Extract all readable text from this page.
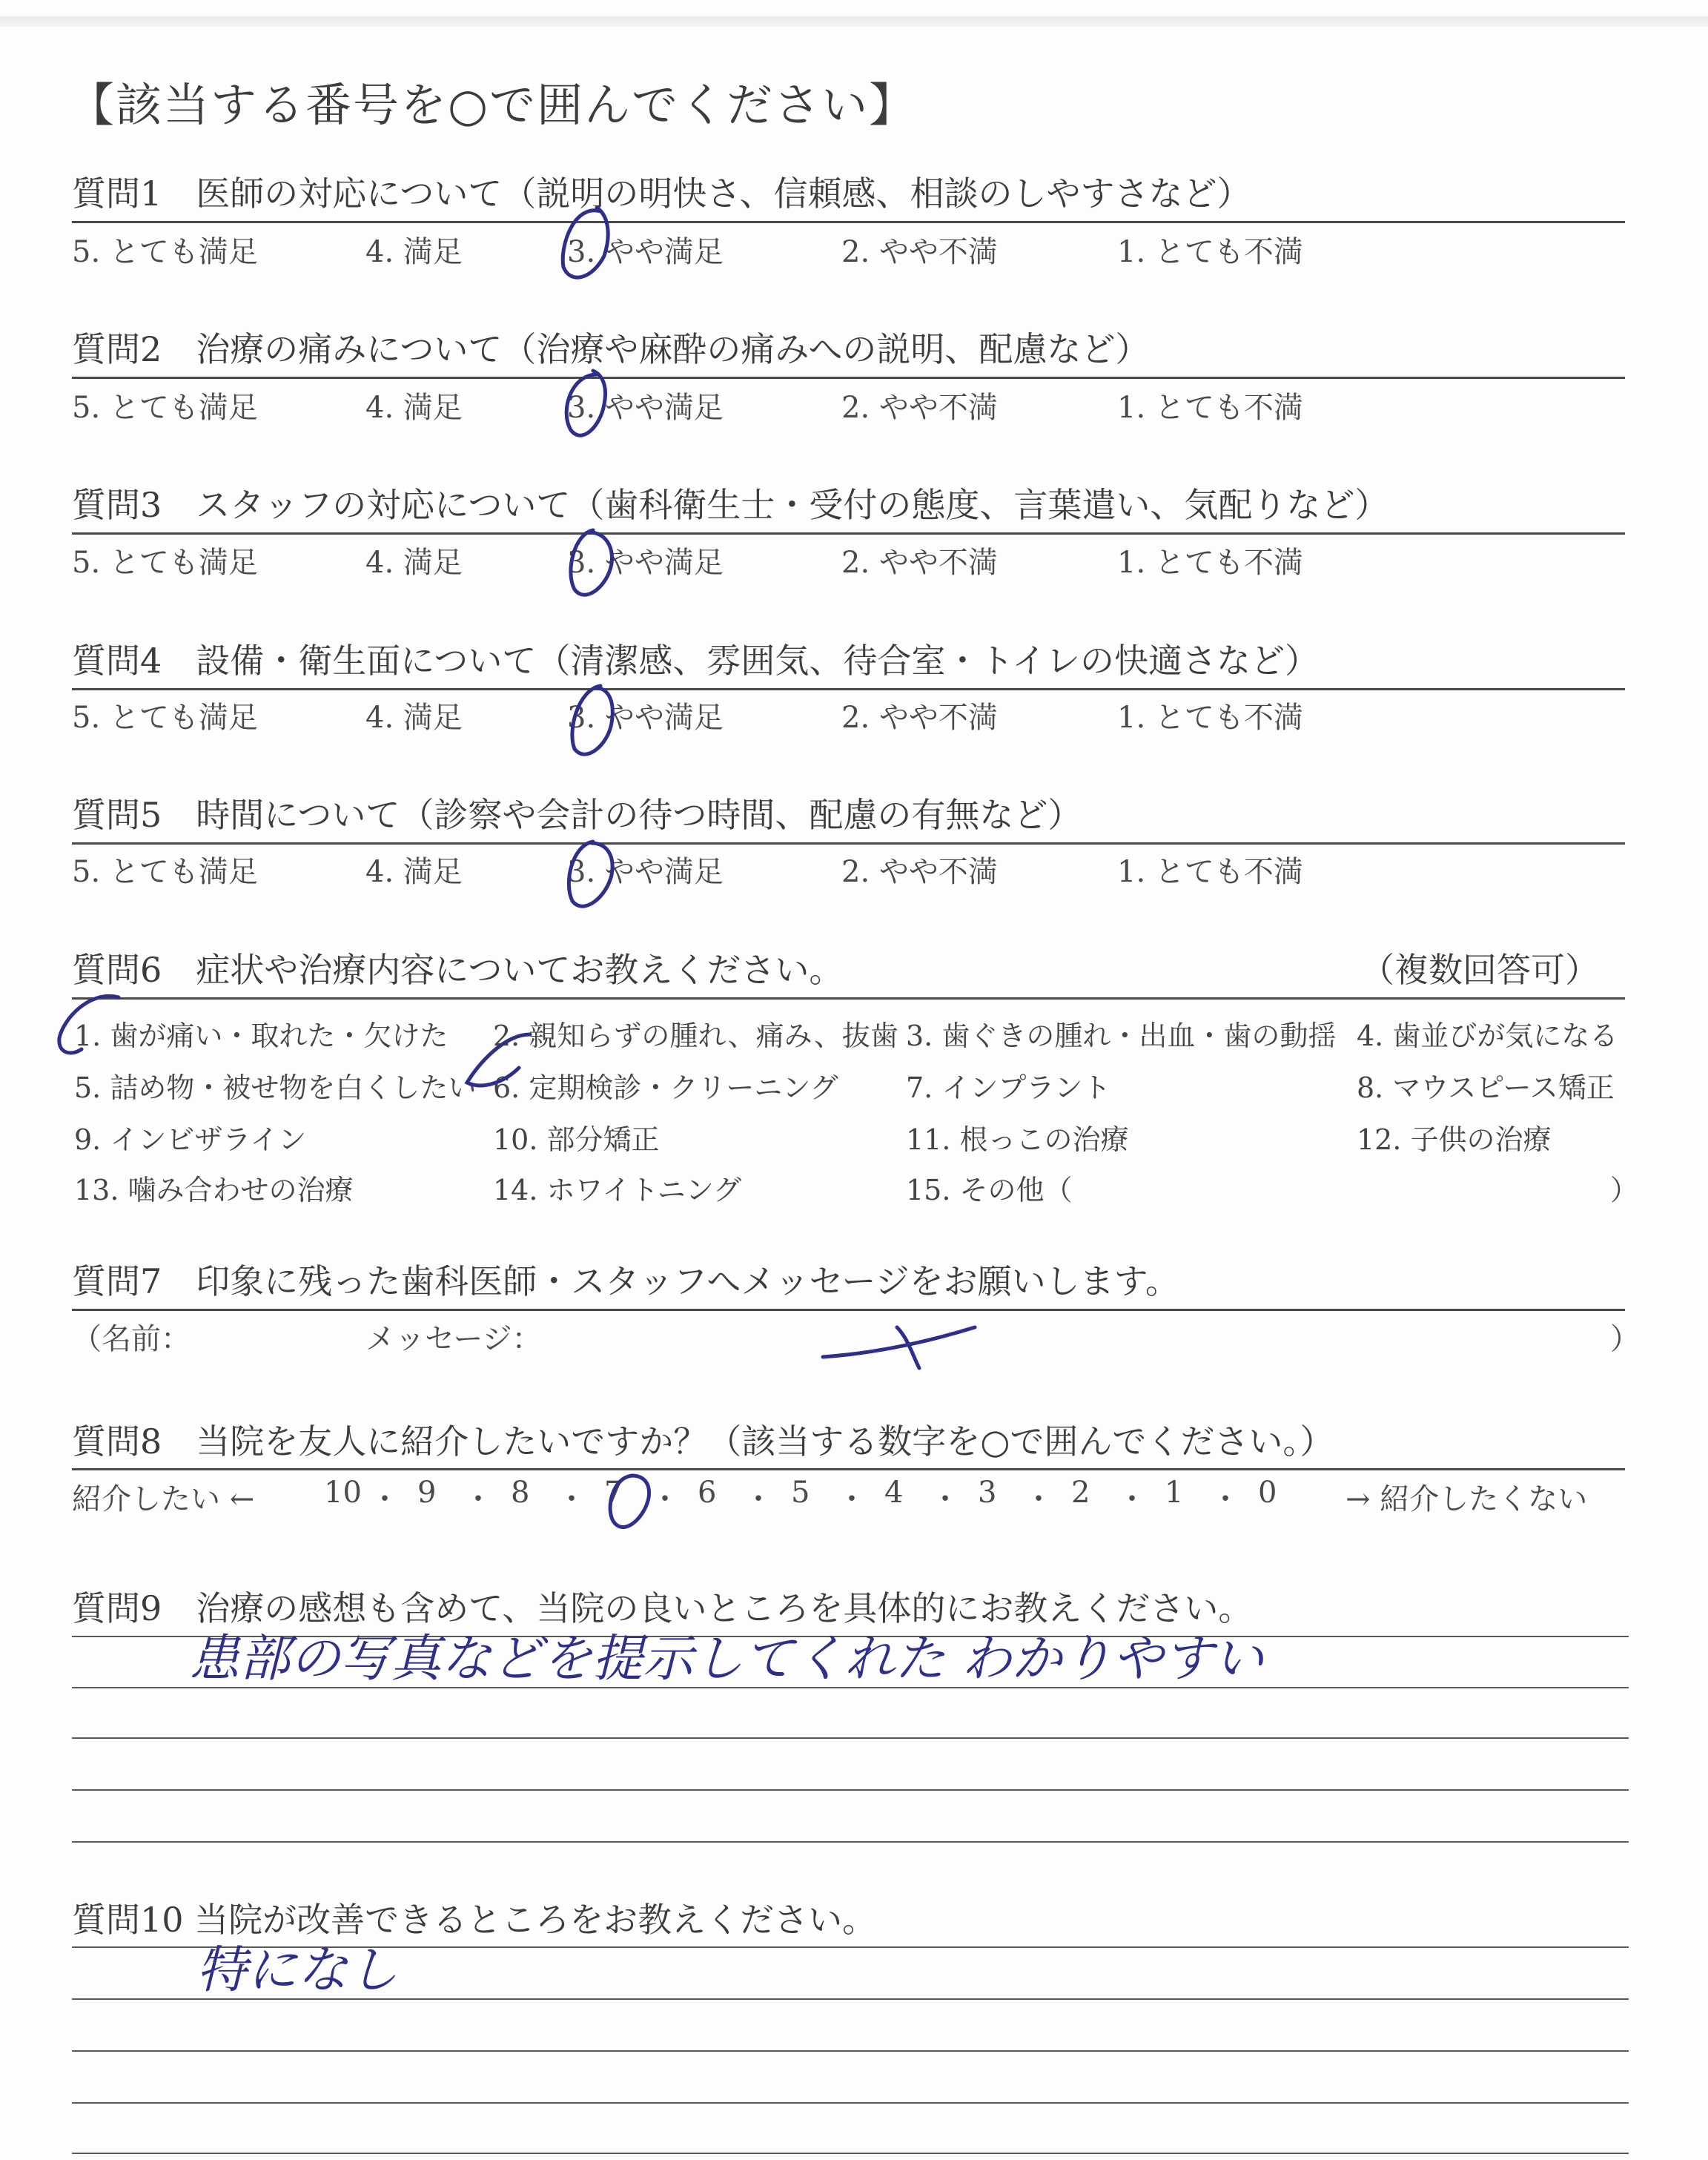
【該当する番号を○で囲んでください】
質問1　医師の対応について（説明の明快さ、信頼感、相談のしやすさなど）
質問2　治療の痛みについて（治療や麻酔の痛みへの説明、配慮など）
質問3　スタッフの対応について（歯科衛生士・受付の態度、言葉遣い、気配りなど）
質問4　設備・衛生面について（清潔感、雰囲気、待合室・トイレの快適さなど）
質問5　時間について（診察や会計の待つ時間、配慮の有無など）
5. とても満足	4. 満足	3. やや満足	2. やや不満	1. とても不満
5. とても満足	4. 満足	3. やや満足	2. やや不満	1. とても不満
5. とても満足	4. 満足	3. やや満足	2. やや不満	1. とても不満
5. とても満足	4. 満足	3. やや満足	2. やや不満	1. とても不満
5. とても満足	4. 満足	3. やや満足	2. やや不満	1. とても不満
質問6　症状や治療内容についてお教えください。	（複数回答可）
1. 歯が痛い・取れた・欠けた 2. 親知らずの腫れ、痛み、抜歯 3. 歯ぐきの腫れ・出血・歯の動揺 4. 歯並びが気になる
5. 詰め物・被せ物を白くしたい 6. 定期検診・クリーニング 7. インプラント	8. マウスピース矯正
9. インビザライン	10. 部分矯正	11. 根っこの治療	12. 子供の治療
13. 噛み合わせの治療	14. ホワイトニング	15. その他（	）
質問7　印象に残った歯科医師・スタッフへメッセージをお願いします。
（名前：	メッセージ：	）
質問8　当院を友人に紹介したいですか？（該当する数字を○で囲んでください。）
紹介したい ← 10 ・ 9 ・ 8 ・ 7 ・ 6 ・ 5 ・ 4 ・ 3 ・ 2 ・ 1 ・ 0 → 紹介したくない
質問9　治療の感想も含めて、当院の良いところを具体的にお教えください。
質問10 当院が改善できるところをお教えください。
患部の写真などを提示してくれた わかりやすい
特になし
